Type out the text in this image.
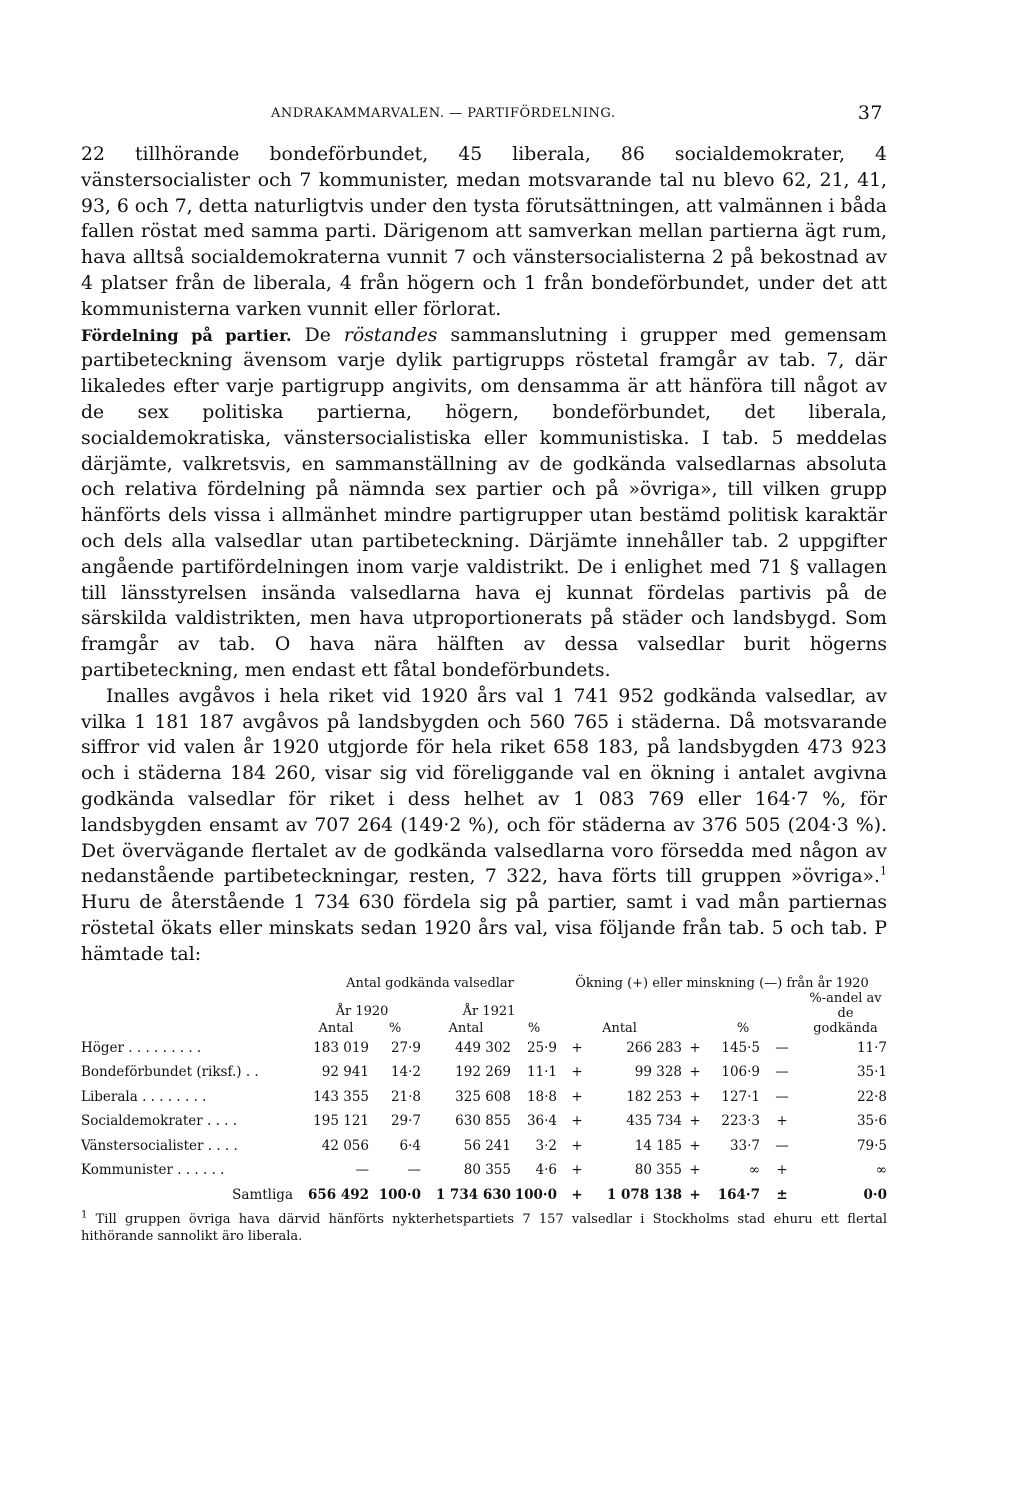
ANDRAKAMMARVALEN. — PARTIFÖRDELNING.	37

22 tillhörande bondeförbundet, 45 liberala, 86 socialdemokrater, 4 vänstersocialister och 7 kommunister, medan motsvarande tal nu blevo 62, 21, 41, 93, 6 och 7, detta naturligtvis under den tysta förutsättningen, att valmännen i båda fallen röstat med samma parti. Därigenom att samverkan mellan partierna ägt rum, hava alltså socialdemokraterna vunnit 7 och vänstersocialisterna 2 på bekostnad av 4 platser från de liberala, 4 från högern och 1 från bondeförbundet, under det att kommunisterna varken vunnit eller förlorat.

Fördelning på partier. De röstandes sammanslutning i grupper med gemensam partibeteckning ävensom varje dylik partigrupps röstetal framgår av tab. 7, där likaledes efter varje partigrupp angivits, om densamma är att hänföra till något av de sex politiska partierna, högern, bondeförbundet, det liberala, socialdemokratiska, vänstersocialistiska eller kommunistiska. I tab. 5 meddelas därjämte, valkretsvis, en sammanställning av de godkända valsedlarnas absoluta och relativa fördelning på nämnda sex partier och på »övriga», till vilken grupp hänförts dels vissa i allmänhet mindre partigrupper utan bestämd politisk karaktär och dels alla valsedlar utan partibeteckning. Därjämte innehåller tab. 2 uppgifter angående partifördelningen inom varje valdistrikt. De i enlighet med 71 § vallagen till länsstyrelsen insända valsedlarna hava ej kunnat fördelas partivis på de särskilda valdistrikten, men hava utproportionerats på städer och landsbygd. Som framgår av tab. O hava nära hälften av dessa valsedlar burit högerns partibeteckning, men endast ett fåtal bondeförbundets.

Inalles avgåvos i hela riket vid 1920 års val 1 741 952 godkända valsedlar, av vilka 1 181 187 avgåvos på landsbygden och 560 765 i städerna. Då motsvarande siffror vid valen år 1920 utgjorde för hela riket 658 183, på landsbygden 473 923 och i städerna 184 260, visar sig vid föreliggande val en ökning i antalet avgivna godkända valsedlar för riket i dess helhet av 1 083 769 eller 164·7 %, för landsbygden ensamt av 707 264 (149·2 %), och för städerna av 376 505 (204·3 %). Det övervägande flertalet av de godkända valsedlarna voro försedda med någon av nedanstående partibeteckningar, resten, 7 322, hava förts till gruppen »övriga».$^1$ Huru de återstående 1 734 630 fördela sig på partier, samt i vad mån partiernas röstetal ökats eller minskats sedan 1920 års val, visa följande från tab. 5 och tab. P hämtade tal:

	Antal godkända valsedlar				Ökning (+) eller minskning (—) från år 1920					
	År 1920		År 1921		Antal		%			%-andel av de godkända
	Antal	%	Antal	%						
Höger . . . . . . . . .	183 019	27·9	449 302	25·9	+	266 283	+	145·5	—	11·7
Bondeförbundet (riksf.) . .	92 941	14·2	192 269	11·1	+	99 328	+	106·9	—	35·1
Liberala . . . . . . . .	143 355	21·8	325 608	18·8	+	182 253	+	127·1	—	22·8
Socialdemokrater . . . .	195 121	29·7	630 855	36·4	+	435 734	+	223·3	+	35·6
Vänstersocialister . . . .	42 056	6·4	56 241	3·2	+	14 185	+	33·7	—	79·5
Kommunister . . . . . .	—	—	80 355	4·6	+	80 355	+	∞	+	∞
Samtliga	656 492	100·0	1 734 630	100·0	+	1 078 138	+	164·7	±	0·0
$^1$ Till gruppen övriga hava därvid hänförts nykterhetspartiets 7 157 valsedlar i Stockholms stad ehuru ett flertal hithörande sannolikt äro liberala.
